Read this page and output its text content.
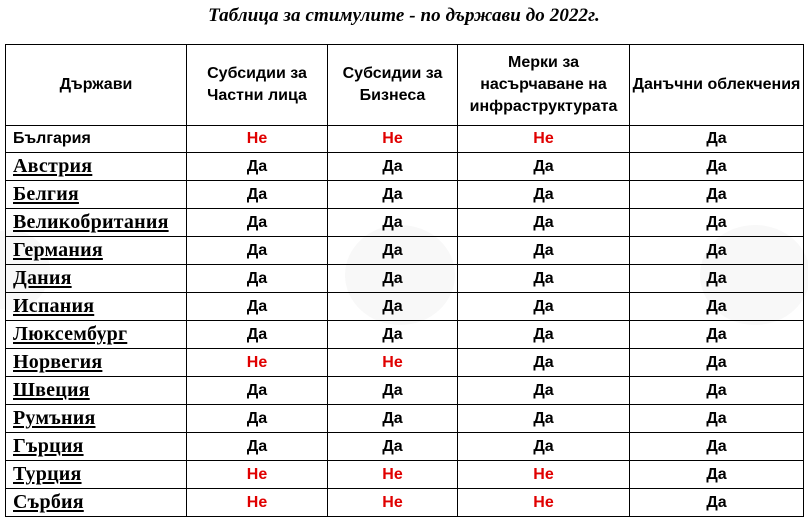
Таблица за стимулите - по държави до 2022г.
Държави	Субсидии за Частни лица	Субсидии за Бизнеса	Мерки за насърчаване на инфраструктурата	Данъчни облекчения
България	Не	Не	Не	Да
Австрия	Да	Да	Да	Да
Белгия	Да	Да	Да	Да
Великобритания	Да	Да	Да	Да
Германия	Да	Да	Да	Да
Дания	Да	Да	Да	Да
Испания	Да	Да	Да	Да
Люксембург	Да	Да	Да	Да
Норвегия	Не	Не	Да	Да
Швеция	Да	Да	Да	Да
Румъния	Да	Да	Да	Да
Гърция	Да	Да	Да	Да
Турция	Не	Не	Не	Да
Сърбия	Не	Не	Не	Да
